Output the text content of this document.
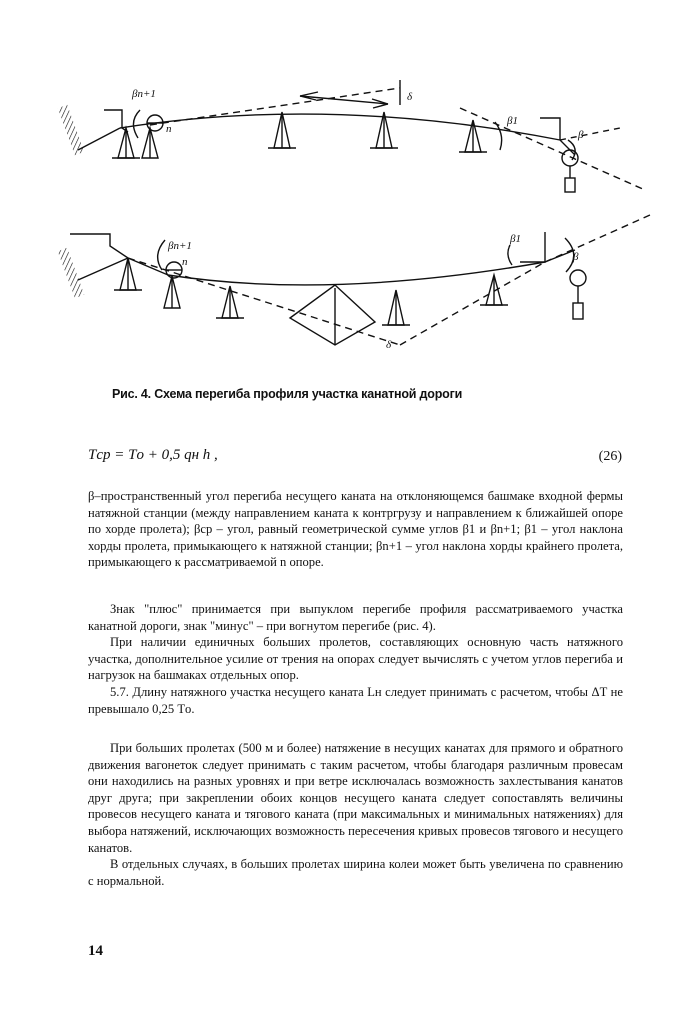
βn+1
n
δ
β1
β
βn+1
n
δ
β1
β
Рис. 4. Схема перегиба профиля участка канатной дороги
Tср = Tо + 0,5 qн h ,	(26)

β–пространственный угол перегиба несущего каната на отклоняющемся башмаке входной фермы натяжной станции (между направлением каната к контргрузу и направлением к ближайшей опоре по хорде пролета); βср – угол, равный геометрической сумме углов β1 и βn+1; β1 – угол наклона хорды пролета, примыкающего к натяжной станции; βn+1 – угол наклона хорды крайнего пролета, примыкающего к рассматриваемой n опоре.

Знак "плюс" принимается при выпуклом перегибе профиля рассматриваемого участка канатной дороги, знак "минус" – при вогнутом перегибе (рис. 4).

При наличии единичных больших пролетов, составляющих основную часть натяжного участка, дополнительное усилие от трения на опорах следует вычислять с учетом углов перегиба и нагрузок на башмаках отдельных опор.

5.7. Длину натяжного участка несущего каната Lн следует принимать с расчетом, чтобы ΔT не превышало 0,25 Tо.

При больших пролетах (500 м и более) натяжение в несущих канатах для прямого и обратного движения вагонеток следует принимать с таким расчетом, чтобы благодаря различным провесам они находились на разных уровнях и при ветре исключалась возможность захлестывания канатов друг друга; при закреплении обоих концов несущего каната следует сопоставлять величины провесов несущего каната и тягового каната (при максимальных и минимальных натяжениях) для выбора натяжений, исключающих возможность пересечения кривых провесов тягового и несущего канатов.

В отдельных случаях, в больших пролетах ширина колеи может быть увеличена по сравнению с нормальной.

14
